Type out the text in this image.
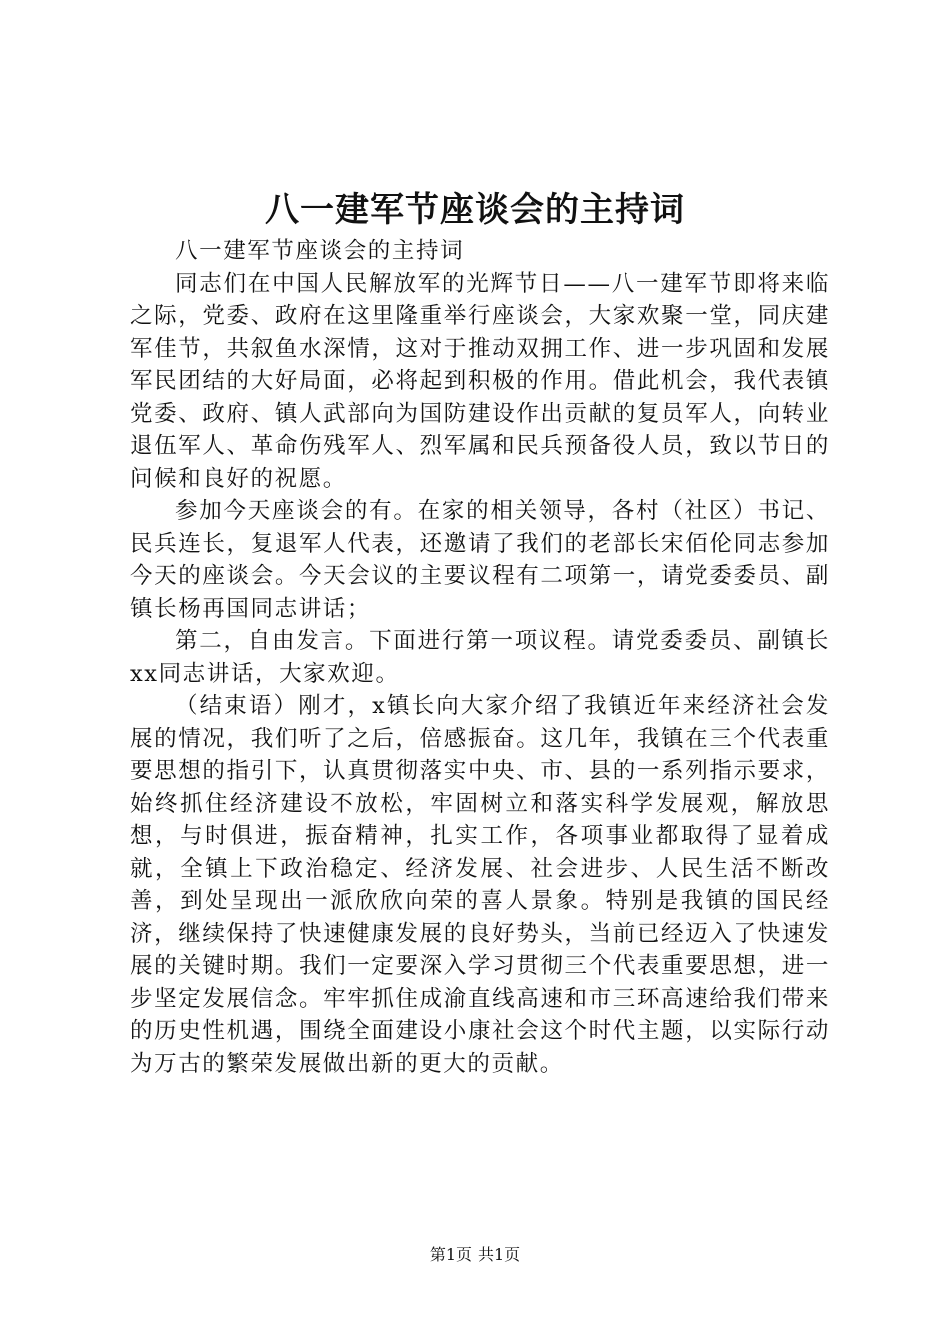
八一建军节座谈会的主持词

八一建军节座谈会的主持词

同志们在中国人民解放军的光辉节日——八一建军节即将来临之际，党委、政府在这里隆重举行座谈会，大家欢聚一堂，同庆建军佳节，共叙鱼水深情，这对于推动双拥工作、进一步巩固和发展军民团结的大好局面，必将起到积极的作用。借此机会，我代表镇党委、政府、镇人武部向为国防建设作出贡献的复员军人，向转业退伍军人、革命伤残军人、烈军属和民兵预备役人员，致以节日的问候和良好的祝愿。

参加今天座谈会的有。在家的相关领导，各村（社区）书记、民兵连长，复退军人代表，还邀请了我们的老部长宋佰伦同志参加今天的座谈会。今天会议的主要议程有二项第一，请党委委员、副镇长杨再国同志讲话；

第二，自由发言。下面进行第一项议程。请党委委员、副镇长xx同志讲话，大家欢迎。

（结束语）刚才，x镇长向大家介绍了我镇近年来经济社会发展的情况，我们听了之后，倍感振奋。这几年，我镇在三个代表重要思想的指引下，认真贯彻落实中央、市、县的一系列指示要求，始终抓住经济建设不放松，牢固树立和落实科学发展观，解放思想，与时俱进，振奋精神，扎实工作，各项事业都取得了显着成就，全镇上下政治稳定、经济发展、社会进步、人民生活不断改善，到处呈现出一派欣欣向荣的喜人景象。特别是我镇的国民经济，继续保持了快速健康发展的良好势头，当前已经迈入了快速发展的关键时期。我们一定要深入学习贯彻三个代表重要思想，进一步坚定发展信念。牢牢抓住成渝直线高速和市三环高速给我们带来的历史性机遇，围绕全面建设小康社会这个时代主题，以实际行动为万古的繁荣发展做出新的更大的贡献。

第1页 共1页
